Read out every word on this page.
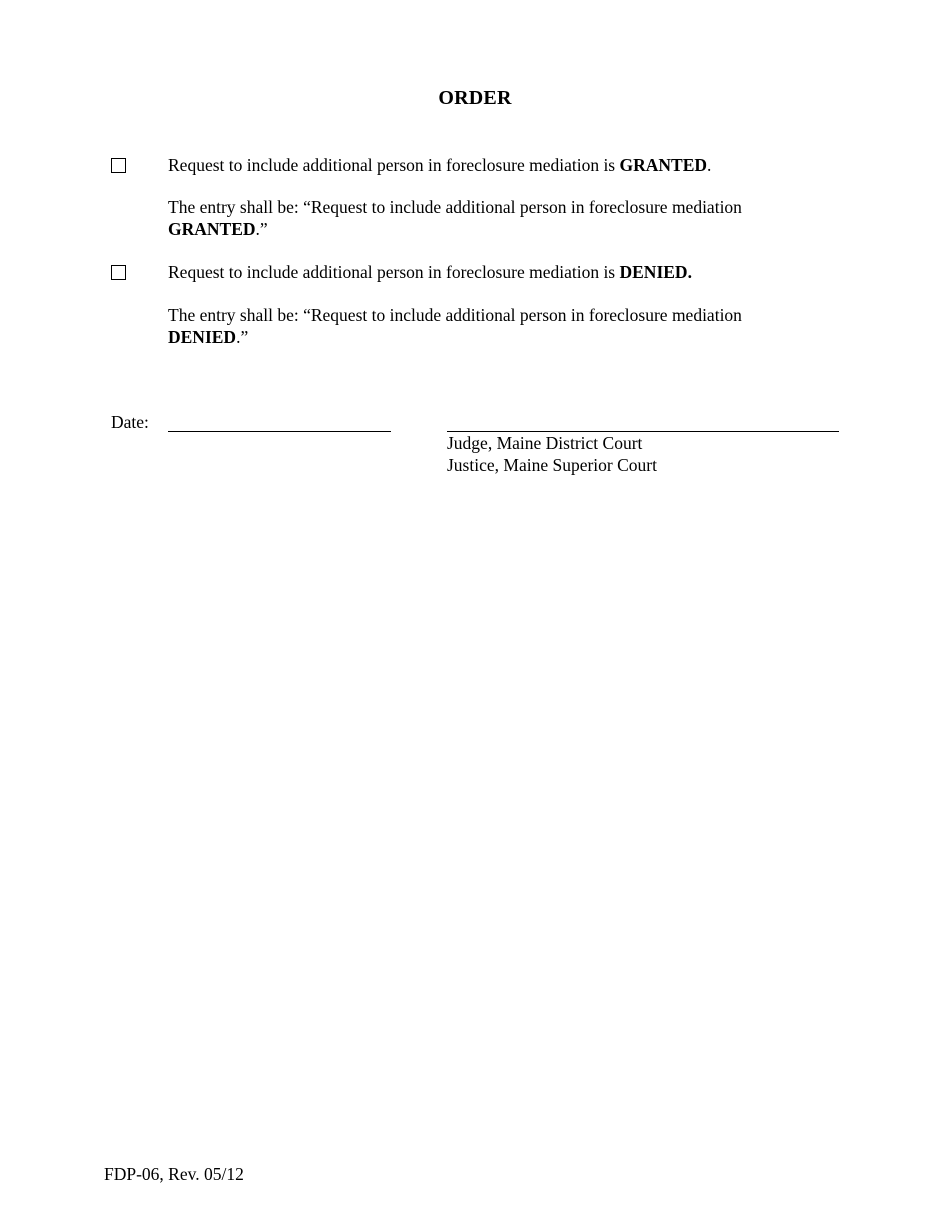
ORDER
Request to include additional person in foreclosure mediation is GRANTED.
The entry shall be: “Request to include additional person in foreclosure mediation
GRANTED.”
Request to include additional person in foreclosure mediation is DENIED.
The entry shall be: “Request to include additional person in foreclosure mediation
DENIED.”
Date:
Judge, Maine District Court
Justice, Maine Superior Court
FDP-06, Rev. 05/12
